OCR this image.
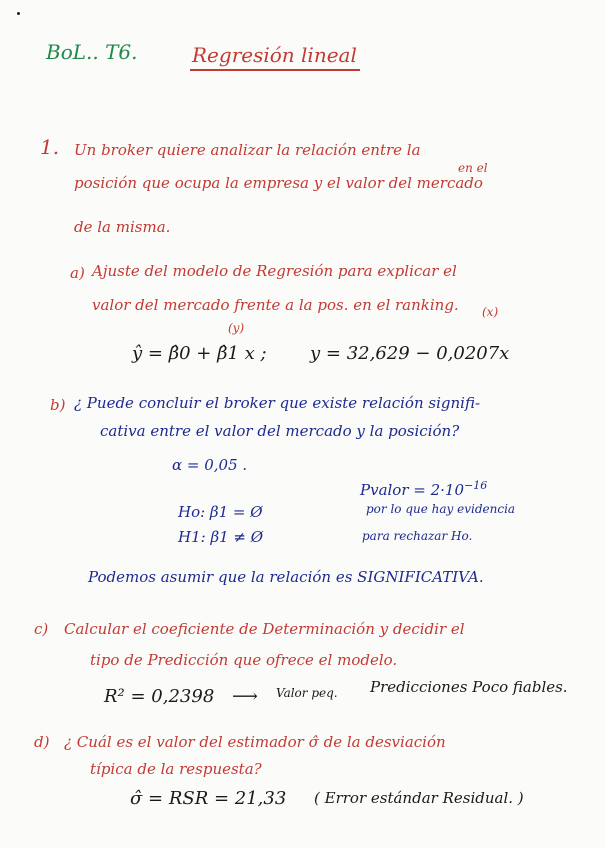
BoL.. T6.	Regresión lineal
1. Un broker quiere analizar la relación entre la
en el
posición que ocupa la empresa y el valor del mercado
de la misma.
a) Ajuste del modelo de Regresión para explicar el
valor del mercado frente a la pos. en el ranking.
(y)
(x)
ŷ = β̂0 + β̂1 x ; y = 32,629 − 0,0207x
b) ¿ Puede concluir el broker que existe relación signifi-
cativa entre el valor del mercado y la posición?
α = 0,05 .
Pvalor = $2\cdot 10^{-16}$
Ho: β1 = Ø	por lo que hay evidencia
H1: β1 ≠ Ø	para rechazar Ho.
Podemos asumir que la relación es SIGNIFICATIVA.
c) Calcular el coeficiente de Determinación y decidir el
tipo de Predicción que ofrece el modelo.
R² = 0,2398 ⟶ Valor peq. Predicciones Poco fiables.
d) ¿ Cuál es el valor del estimador σ̂ de la desviación
típica de la respuesta?
σ̂ = RSR = 21,33 ( Error estándar Residual. )
